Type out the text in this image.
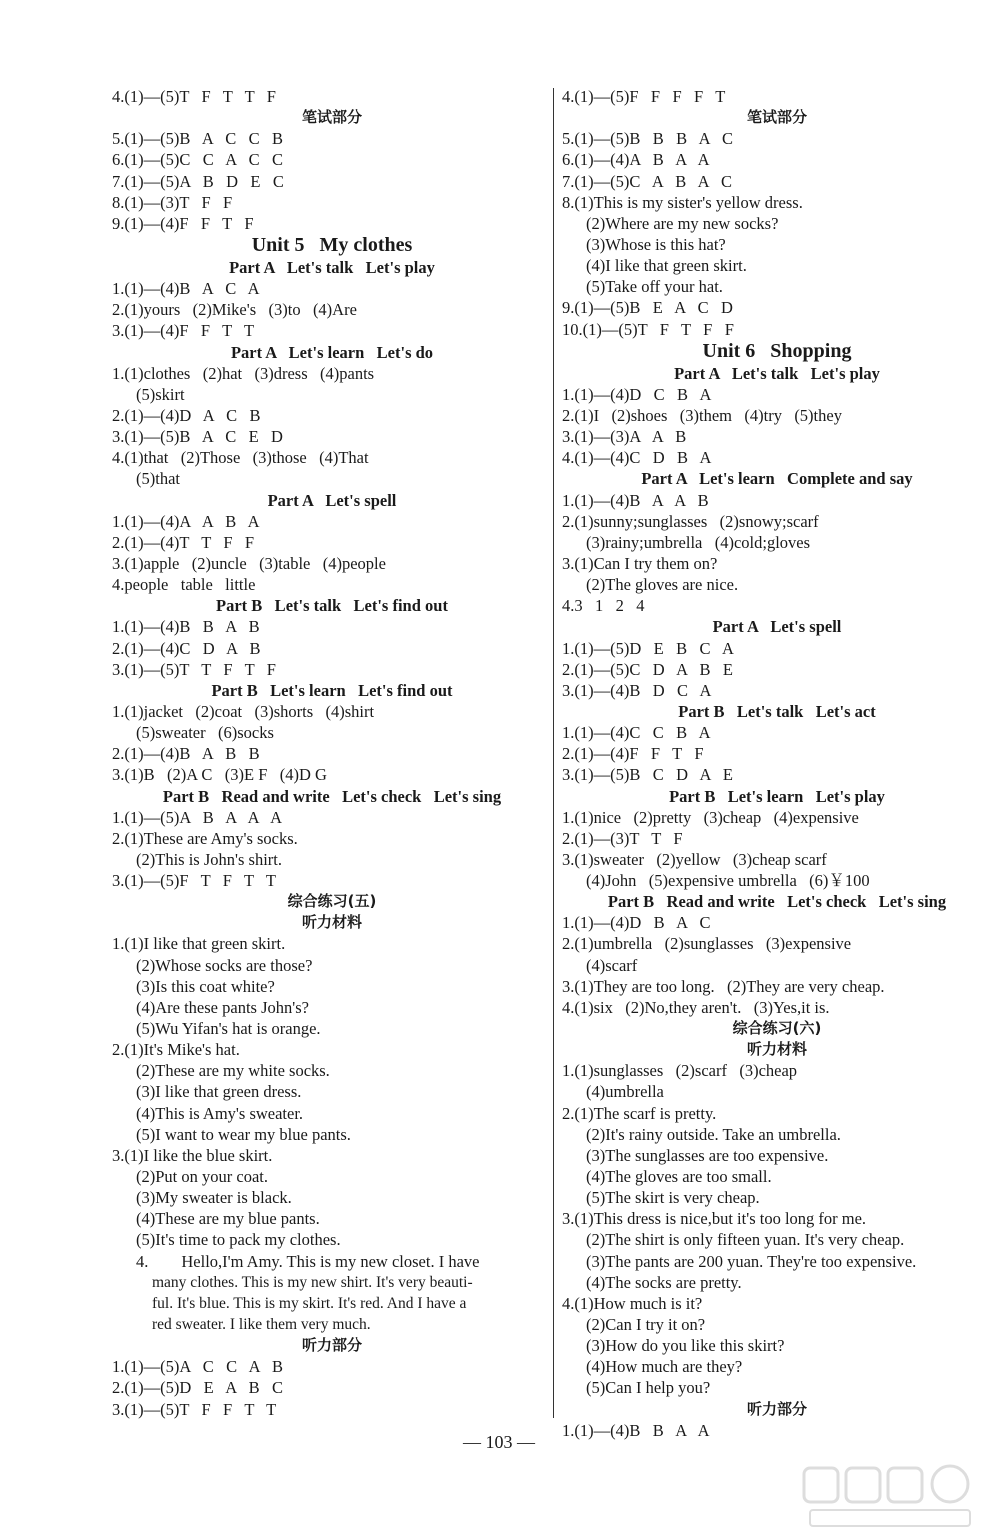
4.(1)—(5)T   F   T   T   F
笔试部分
5.(1)—(5)B   A   C   C   B
6.(1)—(5)C   C   A   C   C
7.(1)—(5)A   B   D   E   C
8.(1)—(3)T   F   F
9.(1)—(4)F   F   T   F
Unit 5   My clothes
Part A   Let's talk   Let's play
1.(1)—(4)B   A   C   A
2.(1)yours   (2)Mike's   (3)to   (4)Are
3.(1)—(4)F   F   T   T
Part A   Let's learn   Let's do
1.(1)clothes   (2)hat   (3)dress   (4)pants
(5)skirt
2.(1)—(4)D   A   C   B
3.(1)—(5)B   A   C   E   D
4.(1)that   (2)Those   (3)those   (4)That
(5)that
Part A   Let's spell
1.(1)—(4)A   A   B   A
2.(1)—(4)T   T   F   F
3.(1)apple   (2)uncle   (3)table   (4)people
4.people   table   little
Part B   Let's talk   Let's find out
1.(1)—(4)B   B   A   B
2.(1)—(4)C   D   A   B
3.(1)—(5)T   T   F   T   F
Part B   Let's learn   Let's find out
1.(1)jacket   (2)coat   (3)shorts   (4)shirt
(5)sweater   (6)socks
2.(1)—(4)B   A   B   B
3.(1)B   (2)A C   (3)E F   (4)D G
Part B   Read and write   Let's check   Let's sing
1.(1)—(5)A   B   A   A   A
2.(1)These are Amy's socks.
(2)This is John's shirt.
3.(1)—(5)F   T   F   T   T
综合练习(五)
听力材料
1.(1)I like that green skirt.
(2)Whose socks are those?
(3)Is this coat white?
(4)Are these pants John's?
(5)Wu Yifan's hat is orange.
2.(1)It's Mike's hat.
(2)These are my white socks.
(3)I like that green dress.
(4)This is Amy's sweater.
(5)I want to wear my blue pants.
3.(1)I like the blue skirt.
(2)Put on your coat.
(3)My sweater is black.
(4)These are my blue pants.
(5)It's time to pack my clothes.
4.        Hello,I'm Amy. This is my new closet. I have
many clothes. This is my new shirt. It's very beauti-
ful. It's blue. This is my skirt. It's red. And I have a
red sweater. I like them very much.
听力部分
1.(1)—(5)A   C   C   A   B
2.(1)—(5)D   E   A   B   C
3.(1)—(5)T   F   F   T   T
4.(1)—(5)F   F   F   F   T
笔试部分
5.(1)—(5)B   B   B   A   C
6.(1)—(4)A   B   A   A
7.(1)—(5)C   A   B   A   C
8.(1)This is my sister's yellow dress.
(2)Where are my new socks?
(3)Whose is this hat?
(4)I like that green skirt.
(5)Take off your hat.
9.(1)—(5)B   E   A   C   D
10.(1)—(5)T   F   T   F   F
Unit 6   Shopping
Part A   Let's talk   Let's play
1.(1)—(4)D   C   B   A
2.(1)I   (2)shoes   (3)them   (4)try   (5)they
3.(1)—(3)A   A   B
4.(1)—(4)C   D   B   A
Part A   Let's learn   Complete and say
1.(1)—(4)B   A   A   B
2.(1)sunny;sunglasses   (2)snowy;scarf
(3)rainy;umbrella   (4)cold;gloves
3.(1)Can I try them on?
(2)The gloves are nice.
4.3   1   2   4
Part A   Let's spell
1.(1)—(5)D   E   B   C   A
2.(1)—(5)C   D   A   B   E
3.(1)—(4)B   D   C   A
Part B   Let's talk   Let's act
1.(1)—(4)C   C   B   A
2.(1)—(4)F   F   T   F
3.(1)—(5)B   C   D   A   E
Part B   Let's learn   Let's play
1.(1)nice   (2)pretty   (3)cheap   (4)expensive
2.(1)—(3)T   T   F
3.(1)sweater   (2)yellow   (3)cheap scarf
(4)John   (5)expensive umbrella   (6)￥100
Part B   Read and write   Let's check   Let's sing
1.(1)—(4)D   B   A   C
2.(1)umbrella   (2)sunglasses   (3)expensive
(4)scarf
3.(1)They are too long.   (2)They are very cheap.
4.(1)six   (2)No,they aren't.   (3)Yes,it is.
综合练习(六)
听力材料
1.(1)sunglasses   (2)scarf   (3)cheap
(4)umbrella
2.(1)The scarf is pretty.
(2)It's rainy outside. Take an umbrella.
(3)The sunglasses are too expensive.
(4)The gloves are too small.
(5)The skirt is very cheap.
3.(1)This dress is nice,but it's too long for me.
(2)The shirt is only fifteen yuan. It's very cheap.
(3)The pants are 200 yuan. They're too expensive.
(4)The socks are pretty.
4.(1)How much is it?
(2)Can I try it on?
(3)How do you like this skirt?
(4)How much are they?
(5)Can I help you?
听力部分
1.(1)—(4)B   B   A   A
— 103 —
